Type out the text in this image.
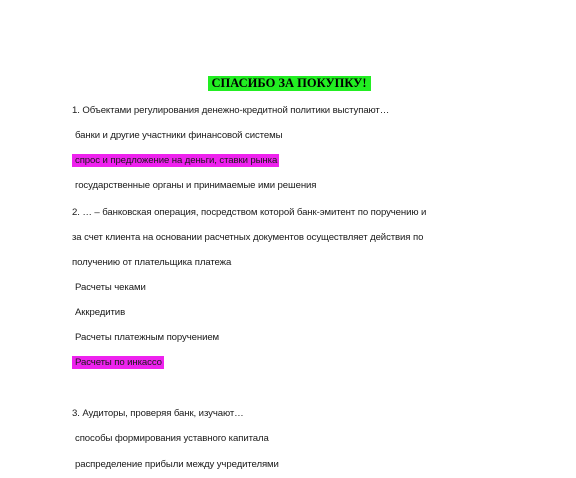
СПАСИБО ЗА ПОКУПКУ!
1. Объектами регулирования денежно-кредитной политики выступают…
банки и другие участники финансовой системы
спрос и предложение на деньги, ставки рынка
государственные органы и принимаемые ими решения
2. … – банковская операция, посредством которой банк-эмитент по поручению и
за счет клиента на основании расчетных документов осуществляет действия по
получению от плательщика платежа
Расчеты чеками
Аккредитив
Расчеты платежным поручением
Расчеты по инкассо
3. Аудиторы, проверяя банк, изучают…
способы формирования уставного капитала
распределение прибыли между учредителями
